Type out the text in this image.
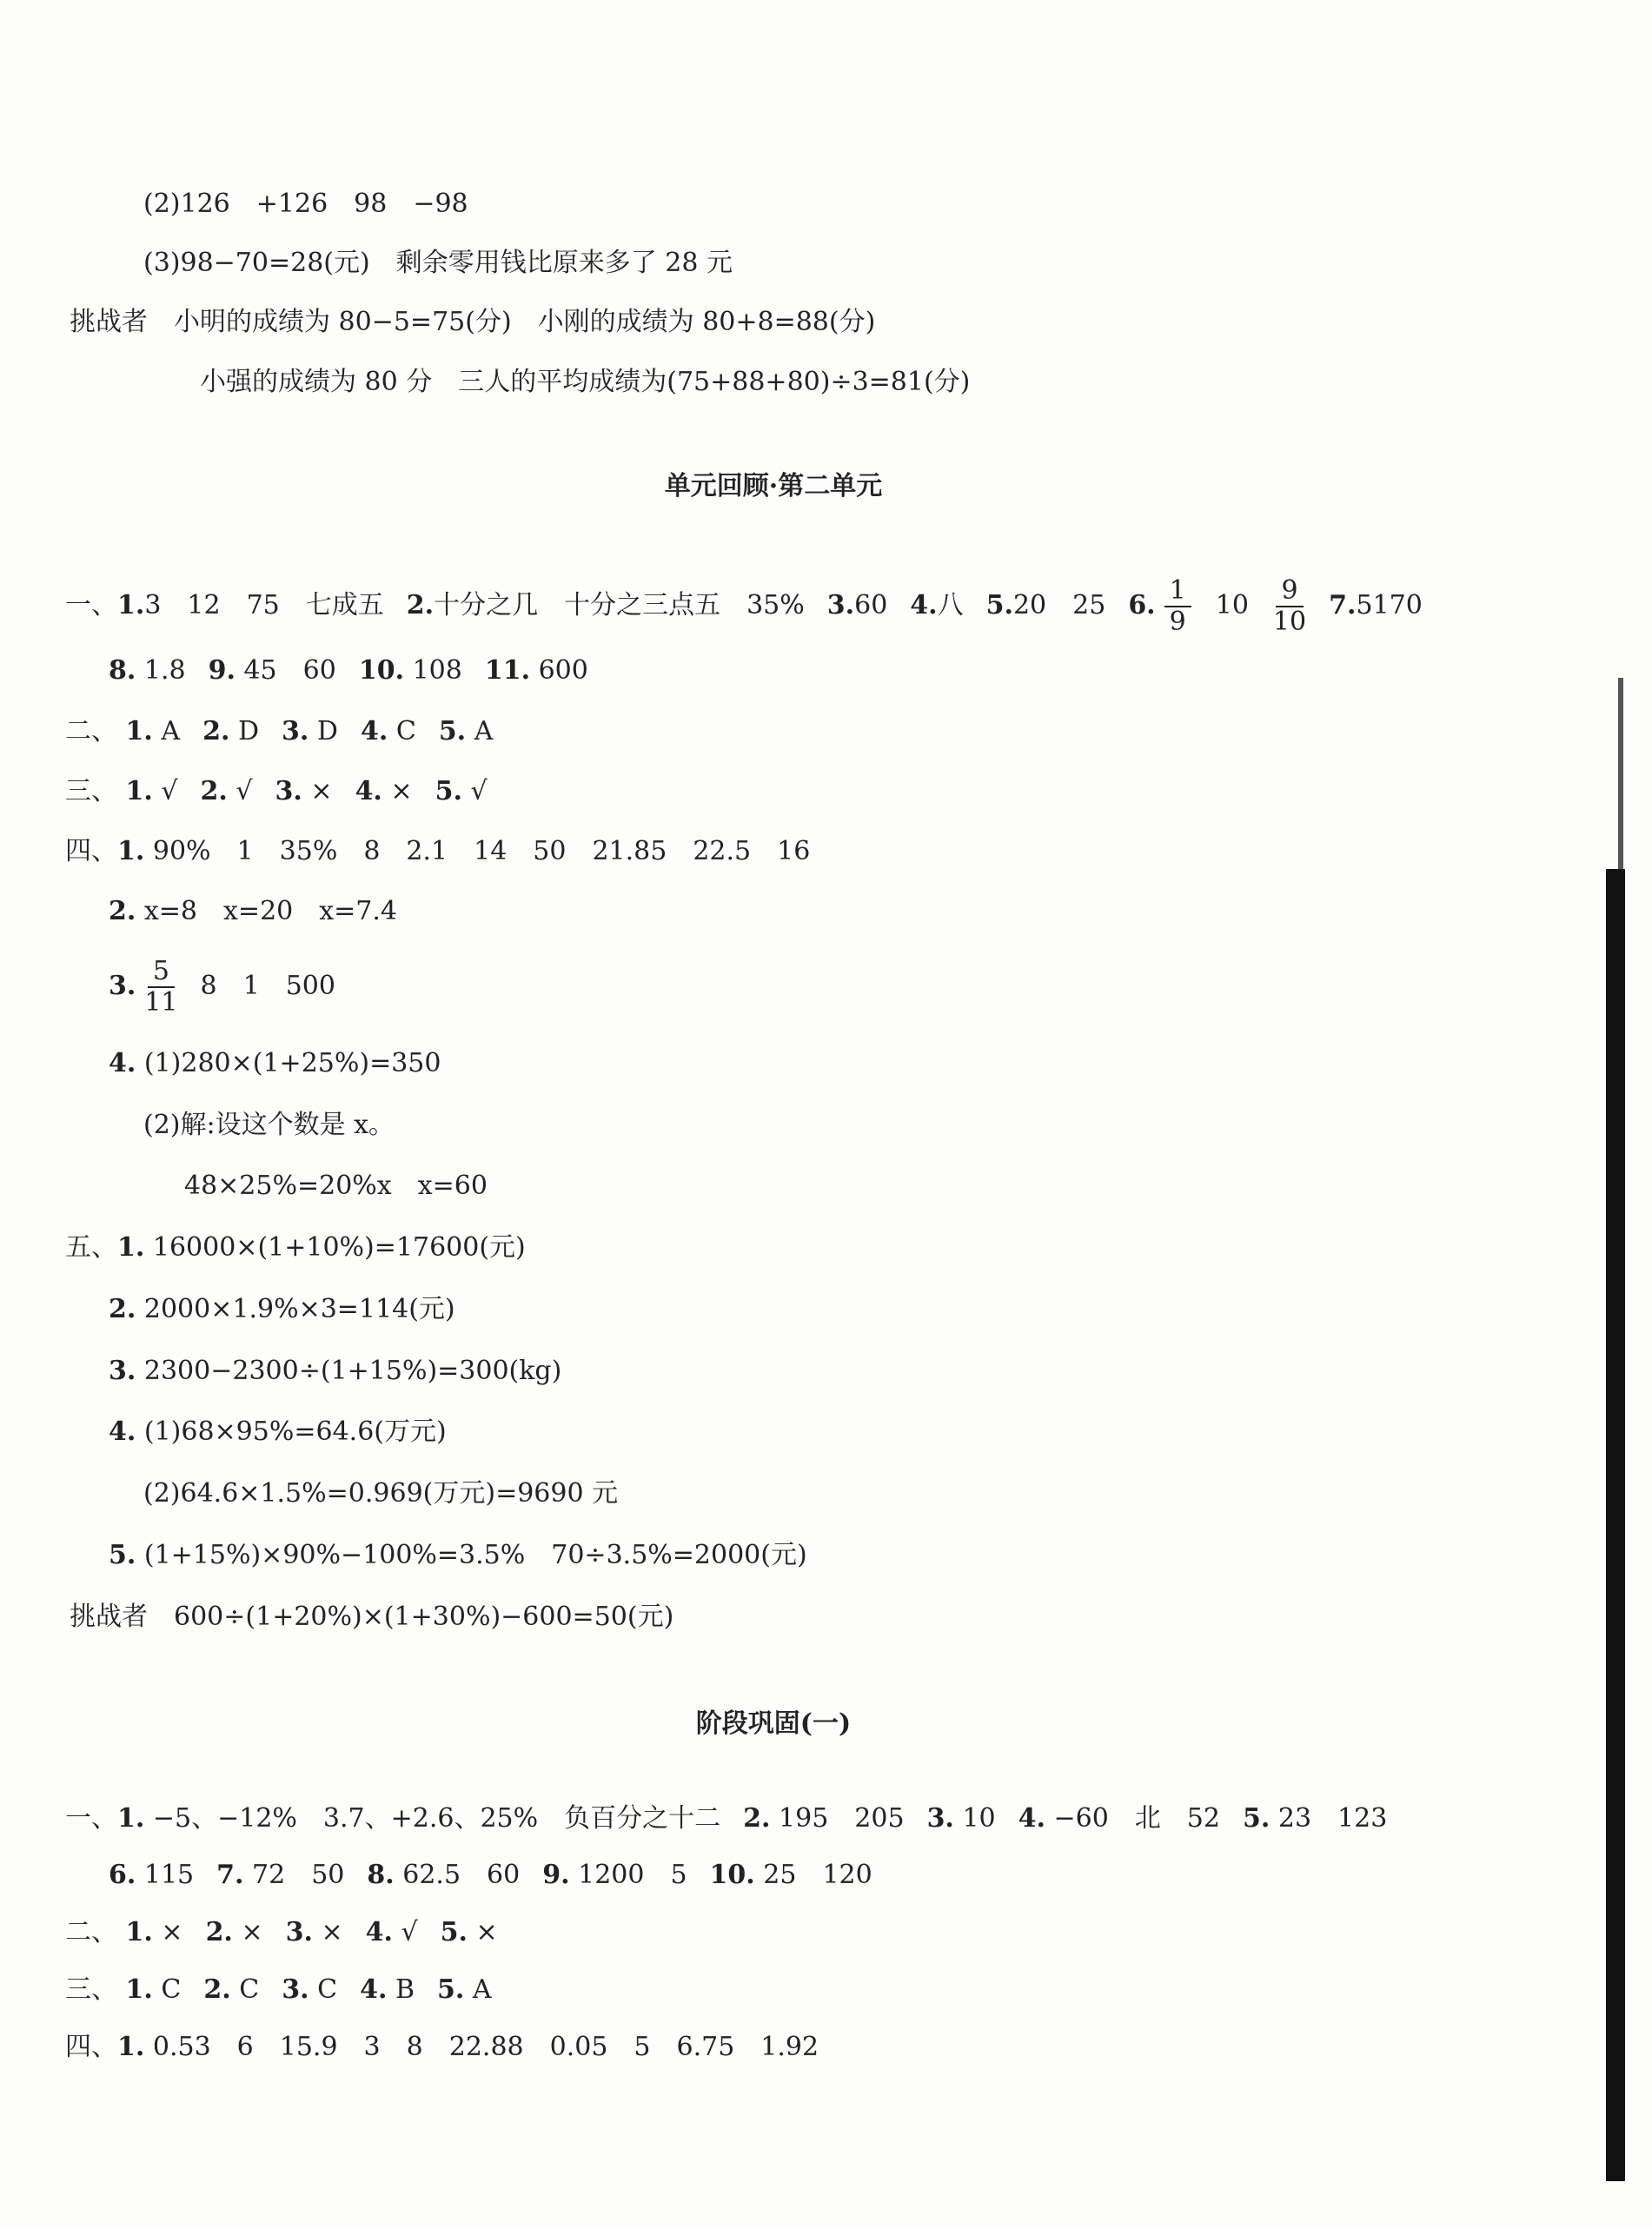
(2)126　+126　98　−98
(3)98−70=28(元)　剩余零用钱比原来多了 28 元
挑战者　小明的成绩为 80−5=75(分)　小刚的成绩为 80+8=88(分)
小强的成绩为 80 分　三人的平均成绩为(75+88+80)÷3=81(分)
单元回顾·第二单元
一、1.3　12　75　七成五 2.十分之几　十分之三点五　35% 3.60 4.八 5.20　25 6. $\frac{1}{9} 10 \frac{9}{10} 7.5170$
8. 1.8 9. 45　60 10. 108 11. 600
二、 1. A 2. D 3. D 4. C 5. A
三、 1. √ 2. √ 3. × 4. × 5. √
四、1. 90%　1　35%　8　2.1　14　50　21.85　22.5　16
2. x=8　x=20　x=7.4
3. $\frac{5}{11} 8$　1　500
4. (1)280×(1+25%)=350
(2)解:设这个数是 x。
48×25%=20%x　x=60
五、1. 16000×(1+10%)=17600(元)
2. 2000×1.9%×3=114(元)
3. 2300−2300÷(1+15%)=300(kg)
4. (1)68×95%=64.6(万元)
(2)64.6×1.5%=0.969(万元)=9690 元
5. (1+15%)×90%−100%=3.5%　70÷3.5%=2000(元)
挑战者　600÷(1+20%)×(1+30%)−600=50(元)
阶段巩固(一)
一、1. −5、−12%　3.7、+2.6、25%　负百分之十二 2. 195　205 3. 10 4. −60　北　52 5. 23　123
6. 115 7. 72　50 8. 62.5　60 9. 1200　5 10. 25　120
二、 1. × 2. × 3. × 4. √ 5. ×
三、 1. C 2. C 3. C 4. B 5. A
四、1. 0.53　6　15.9　3　8　22.88　0.05　5　6.75　1.92
